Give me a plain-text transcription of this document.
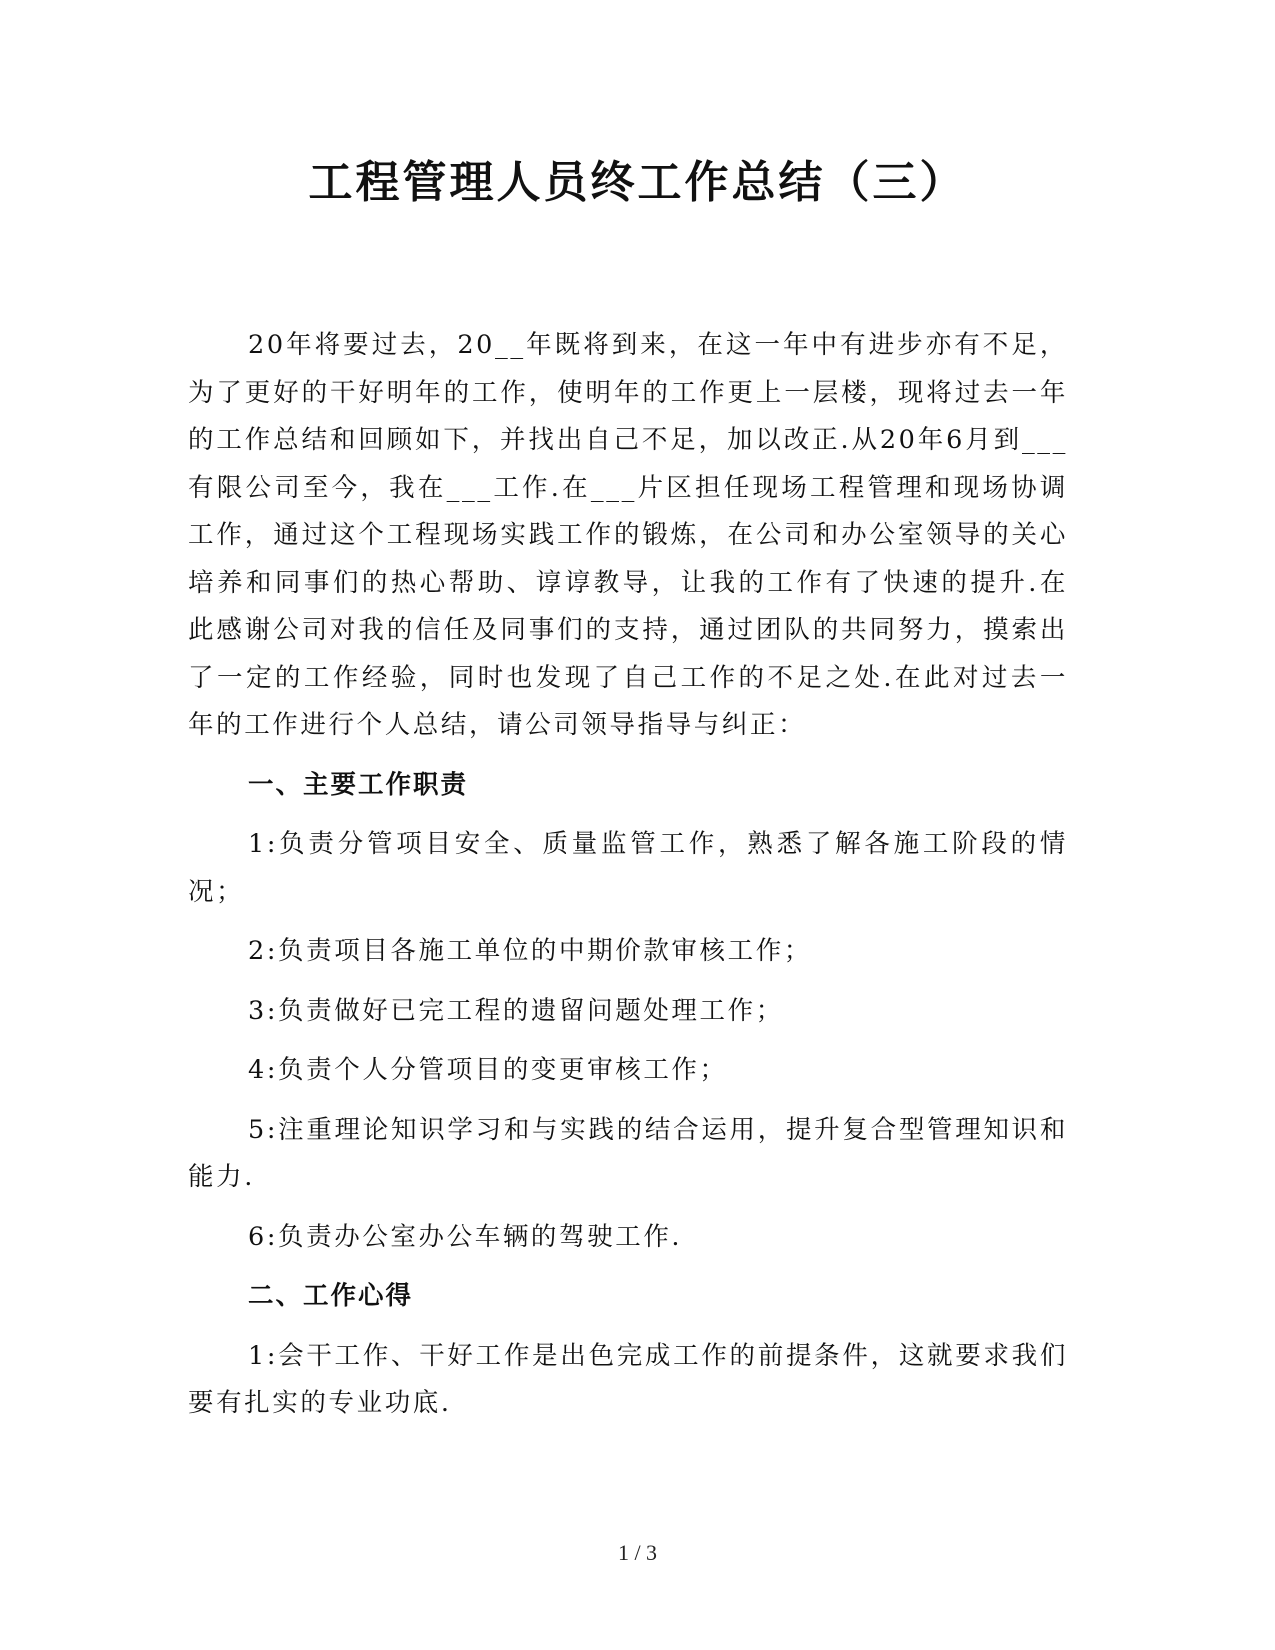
工程管理人员终工作总结（三）

20年将要过去，20__年既将到来，在这一年中有进步亦有不足，为了更好的干好明年的工作，使明年的工作更上一层楼，现将过去一年的工作总结和回顾如下，并找出自己不足，加以改正.从20年6月到___有限公司至今，我在___工作.在___片区担任现场工程管理和现场协调工作，通过这个工程现场实践工作的锻炼，在公司和办公室领导的关心培养和同事们的热心帮助、谆谆教导，让我的工作有了快速的提升.在此感谢公司对我的信任及同事们的支持，通过团队的共同努力，摸索出了一定的工作经验，同时也发现了自己工作的不足之处.在此对过去一年的工作进行个人总结，请公司领导指导与纠正：

一、主要工作职责

1:负责分管项目安全、质量监管工作，熟悉了解各施工阶段的情况；

2:负责项目各施工单位的中期价款审核工作；

3:负责做好已完工程的遗留问题处理工作；

4:负责个人分管项目的变更审核工作；

5:注重理论知识学习和与实践的结合运用，提升复合型管理知识和能力.

6:负责办公室办公车辆的驾驶工作.

二、工作心得

1:会干工作、干好工作是出色完成工作的前提条件，这就要求我们要有扎实的专业功底.

1 / 3
